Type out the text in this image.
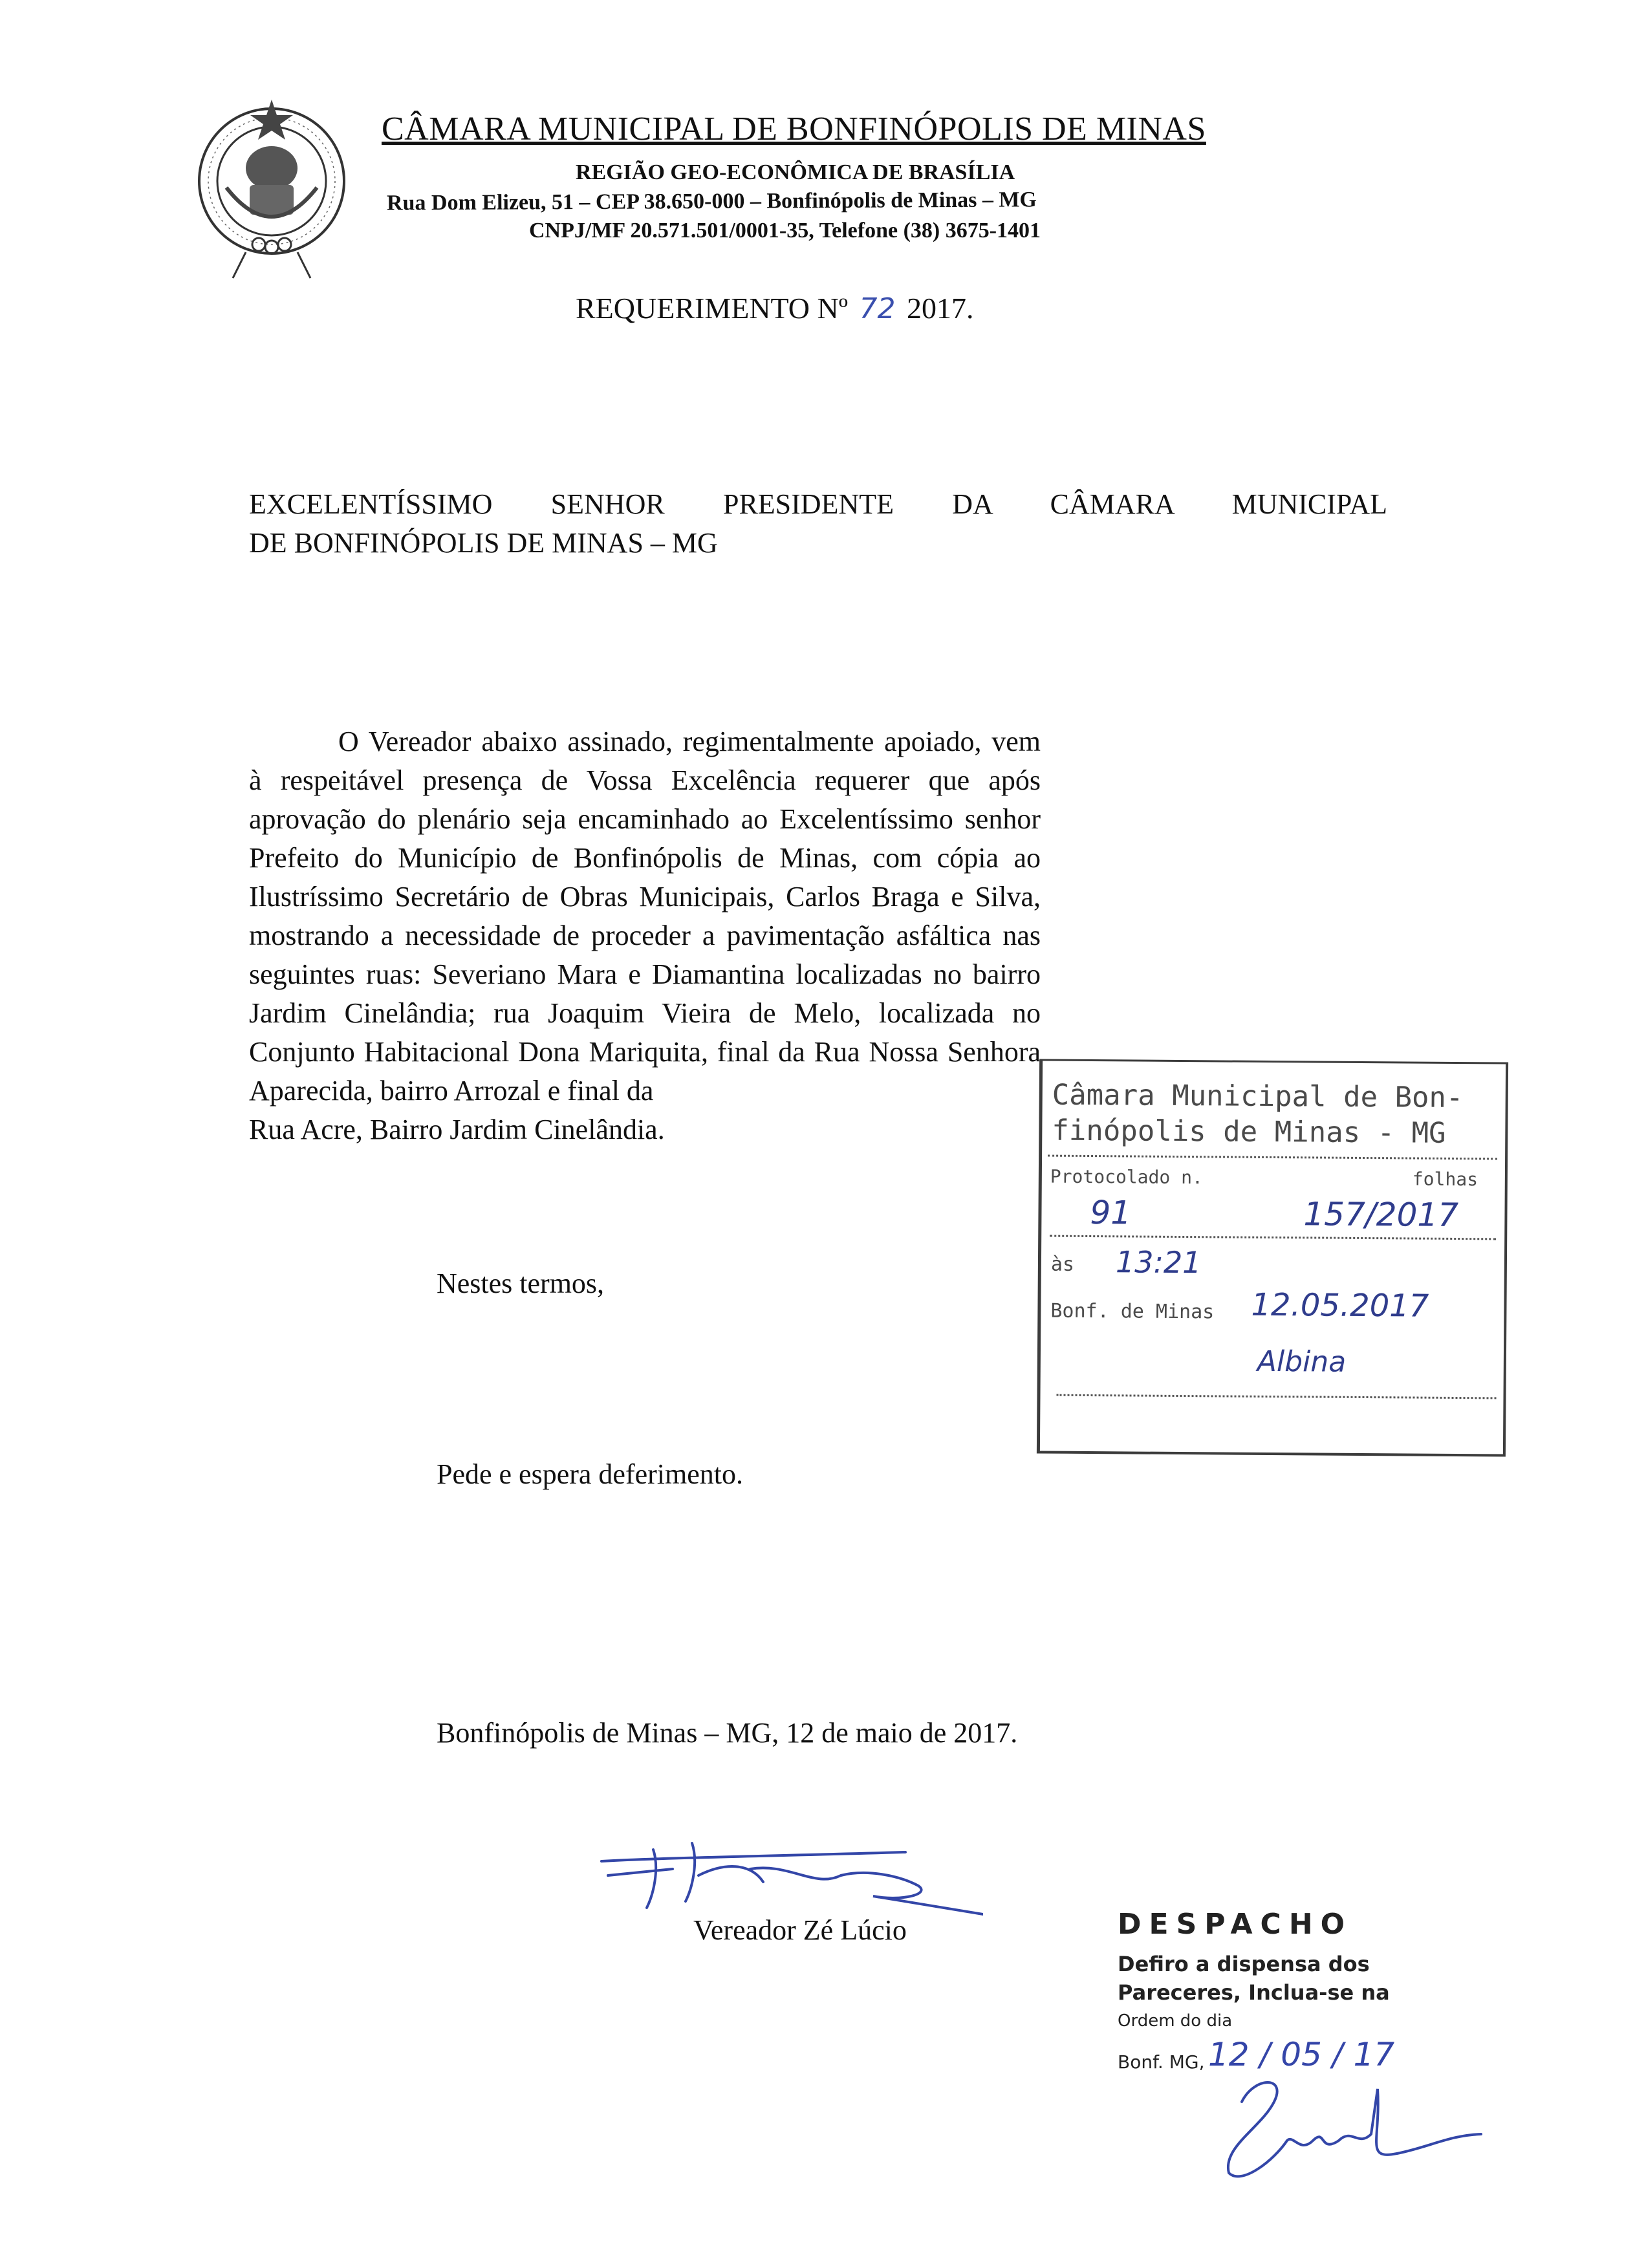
CÂMARA MUNICIPAL DE BONFINÓPOLIS DE MINAS
REGIÃO GEO-ECONÔMICA DE BRASÍLIA
Rua Dom Elizeu, 51 – CEP 38.650-000 – Bonfinópolis de Minas – MG
CNPJ/MF 20.571.501/0001-35, Telefone (38) 3675-1401
REQUERIMENTO Nº 72 2017.
EXCELENTÍSSIMO SENHOR PRESIDENTE DA CÂMARA MUNICIPAL
DE BONFINÓPOLIS DE MINAS – MG
O Vereador abaixo assinado, regimentalmente apoiado, vem à respeitável presença de Vossa Excelência requerer que após aprovação do plenário seja encaminhado ao Excelentíssimo senhor Prefeito do Município de Bonfinópolis de Minas, com cópia ao Ilustríssimo Secretário de Obras Municipais, Carlos Braga e Silva, mostrando a necessidade de proceder a pavimentação asfáltica nas seguintes ruas: Severiano Mara e Diamantina localizadas no bairro Jardim Cinelândia; rua Joaquim Vieira de Melo, localizada no Conjunto Habitacional Dona Mariquita, final da Rua Nossa Senhora Aparecida, bairro Arrozal e final da
Rua Acre, Bairro Jardim Cinelândia.
Nestes termos,
Pede e espera deferimento.
Bonfinópolis de Minas – MG, 12 de maio de 2017.
Vereador Zé Lúcio
Câmara Municipal de Bon-
finópolis de Minas - MG
Protocolado n.	folhas
91	157/2017
às 13:21
Bonf. de Minas 12.05.2017
Albina
DESPACHO
Defiro a dispensa dos
Pareceres, Inclua-se na
Ordem do dia
Bonf. MG, 12 / 05 / 17
